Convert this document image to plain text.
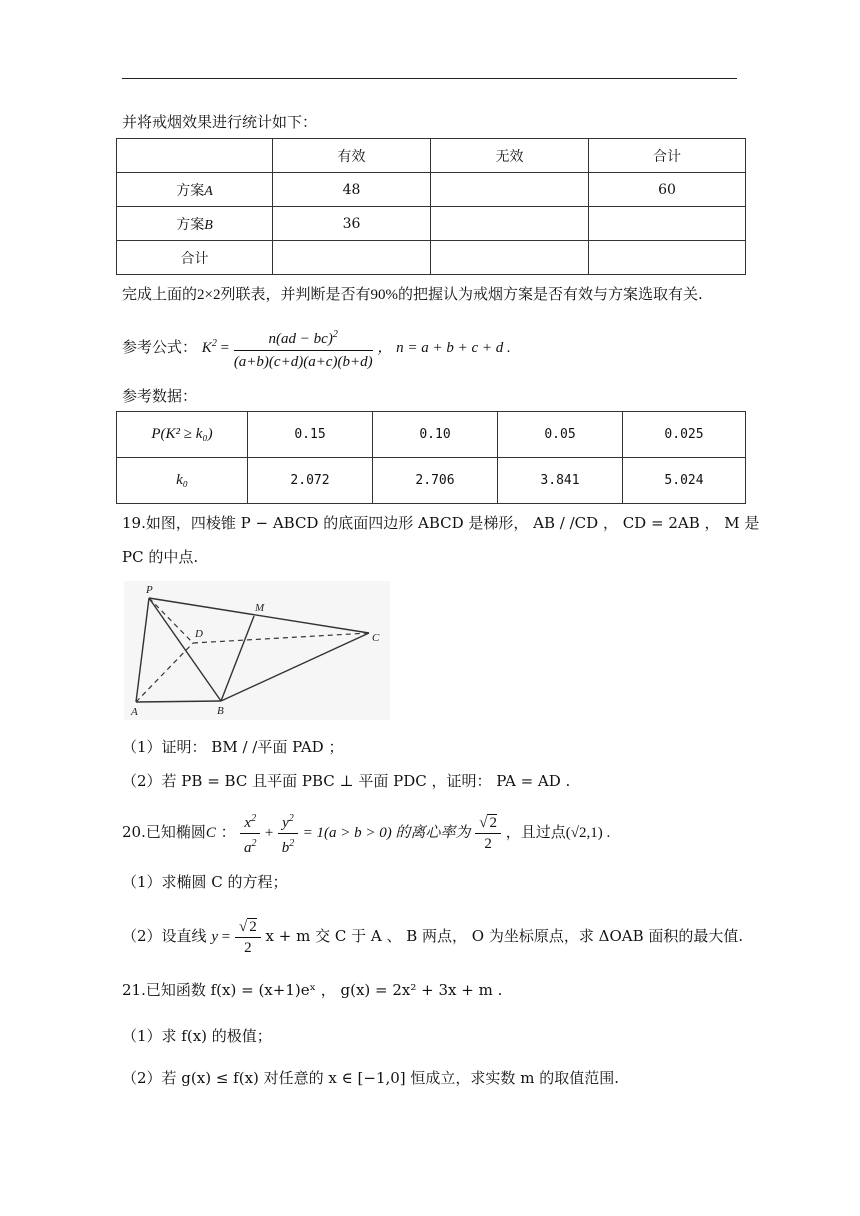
并将戒烟效果进行统计如下：
	有效	无效	合计
方案A	48		60
方案B	36		
合计			
完成上面的2×2列联表，并判断是否有90%的把握认为戒烟方案是否有效与方案选取有关.
参考公式： $K^2 = \frac{n(ad - bc)^2}{(a+b)(c+d)(a+c)(b+d)}$ ， n = a + b + c + d .
参考数据：
P(K² ≥ k₀)	0.15	0.10	0.05	0.025
k₀	2.072	2.706	3.841	5.024
19.如图，四棱锥 P − ABCD 的底面四边形 ABCD 是梯形， AB / /CD ， CD = 2AB ， M 是
PC 的中点.
P
M
D	C
A	B
（1）证明： BM / /平面 PAD ；
（2）若 PB = BC 且平面 PBC ⊥ 平面 PDC ，证明： PA = AD .
20.已知椭圆C ： $\frac{x^2}{a^2} + \frac{y^2}{b^2} = 1(a > b > 0)$ 的离心率为 $\frac{√ 2}{2}$ ，且过点(√2,1) .
（1）求椭圆 C 的方程；
（2）设直线 $y = \frac{√ 2}{2}$ x + m 交 C 于 A 、 B 两点， O 为坐标原点，求 ΔOAB 面积的最大值.
21.已知函数 f(x) = (x+1)eˣ ， g(x) = 2x² + 3x + m .
（1）求 f(x) 的极值；
（2）若 g(x) ≤ f(x) 对任意的 x ∈ [−1,0] 恒成立，求实数 m 的取值范围.
